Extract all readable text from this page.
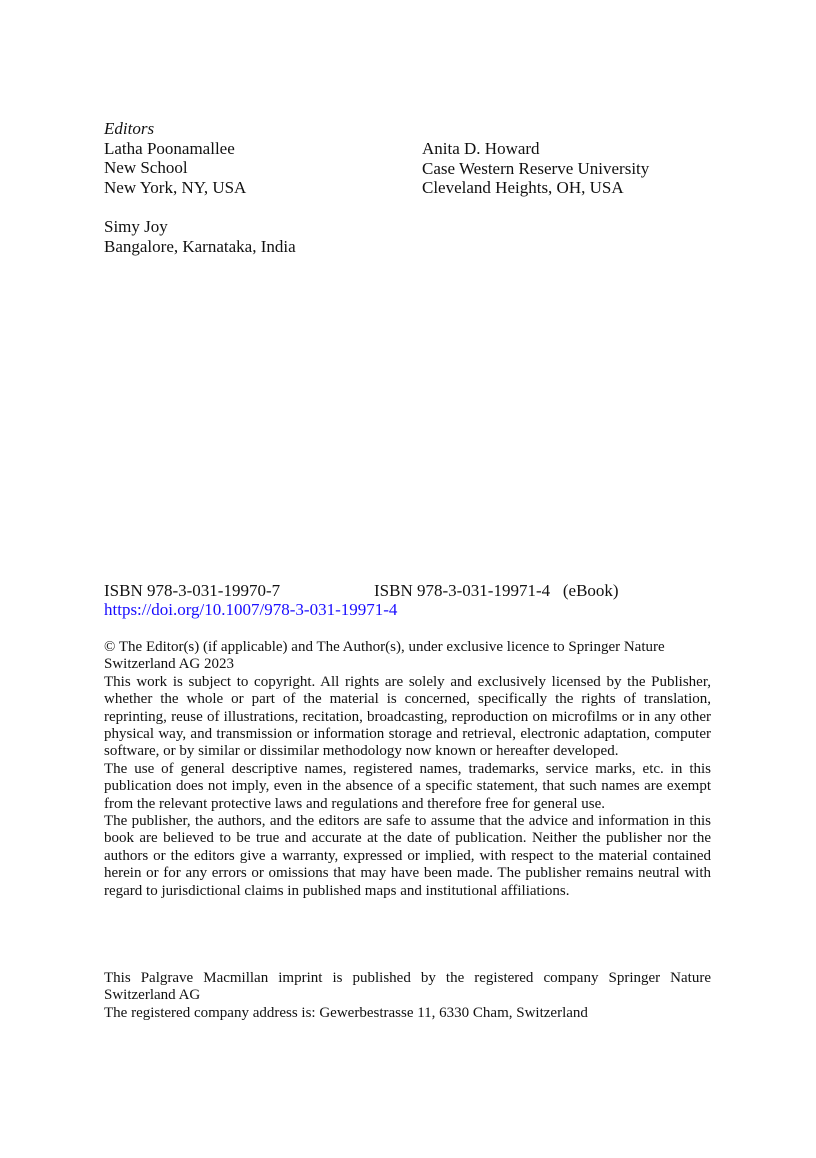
Editors
Latha Poonamallee
New School
New York, NY, USA
Anita D. Howard
Case Western Reserve University
Cleveland Heights, OH, USA
Simy Joy
Bangalore, Karnataka, India
ISBN 978-3-031-19970-7	ISBN 978-3-031-19971-4 (eBook)
https://doi.org/10.1007/978-3-031-19971-4

© The Editor(s) (if applicable) and The Author(s), under exclusive licence to Springer Nature Switzerland AG 2023

This work is subject to copyright. All rights are solely and exclusively licensed by the Publisher, whether the whole or part of the material is concerned, specifically the rights of translation, reprinting, reuse of illustrations, recitation, broadcasting, reproduction on microfilms or in any other physical way, and transmission or information storage and retrieval, electronic adaptation, computer software, or by similar or dissimilar methodology now known or hereafter developed.

The use of general descriptive names, registered names, trademarks, service marks, etc. in this publication does not imply, even in the absence of a specific statement, that such names are exempt from the relevant protective laws and regulations and therefore free for general use.

The publisher, the authors, and the editors are safe to assume that the advice and information in this book are believed to be true and accurate at the date of publication. Neither the publisher nor the authors or the editors give a warranty, expressed or implied, with respect to the material contained herein or for any errors or omissions that may have been made. The publisher remains neutral with regard to jurisdictional claims in published maps and institutional affiliations.

This Palgrave Macmillan imprint is published by the registered company Springer Nature Switzerland AG

The registered company address is: Gewerbestrasse 11, 6330 Cham, Switzerland
